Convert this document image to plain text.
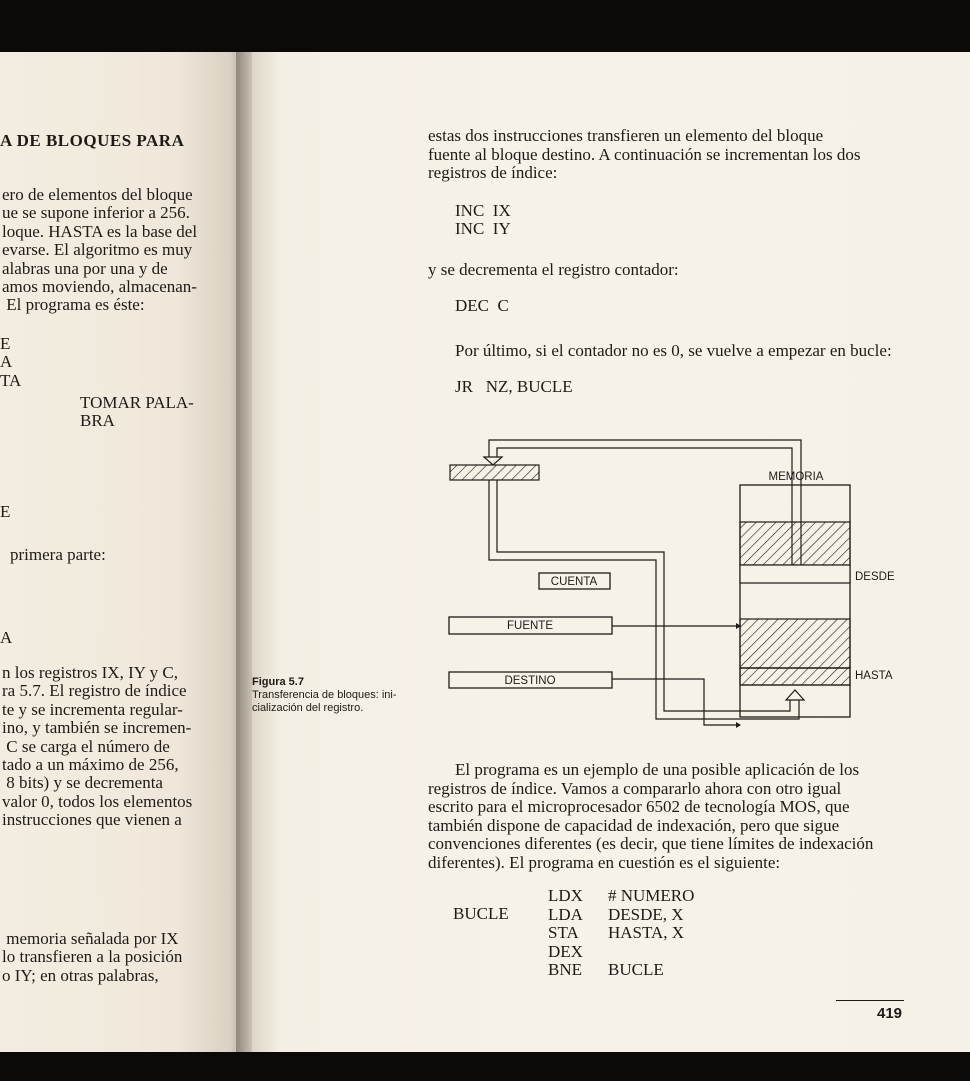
A DE BLOQUES PARA
ero de elementos del bloque
ue se supone inferior a 256.
loque. HASTA es la base del
evarse. El algoritmo es muy
alabras una por una y de
amos moviendo, almacenan-
El programa es éste:
E
A
TA
TOMAR PALA-
BRA
E
primera parte:
A
n los registros IX, IY y C,
ra 5.7. El registro de índice
te y se incrementa regular-
ino, y también se incremen-
C se carga el número de
tado a un máximo de 256,
8 bits) y se decrementa
valor 0, todos los elementos
instrucciones que vienen a
memoria señalada por IX
lo transfieren a la posición
o IY; en otras palabras,
estas dos instrucciones transfieren un elemento del bloque
fuente al bloque destino. A continuación se incrementan los dos
registros de índice:
INC  IX
INC  IY
y se decrementa el registro contador:
DEC  C
Por último, si el contador no es 0, se vuelve a empezar en bucle:
JR   NZ, BUCLE
Figura 5.7
Transferencia de bloques: ini-
cialización del registro.
CUENTA
FUENTE
DESTINO
MEMORIA
DESDE
HASTA
El programa es un ejemplo de una posible aplicación de los
registros de índice. Vamos a compararlo ahora con otro igual
escrito para el microprocesador 6502 de tecnología MOS, que
también dispone de capacidad de indexación, pero que sigue
convenciones diferentes (es decir, que tiene límites de indexación
diferentes). El programa en cuestión es el siguiente:
BUCLE
LDX
LDA
STA
DEX
BNE
# NUMERO
DESDE, X
HASTA, X
BUCLE
419
